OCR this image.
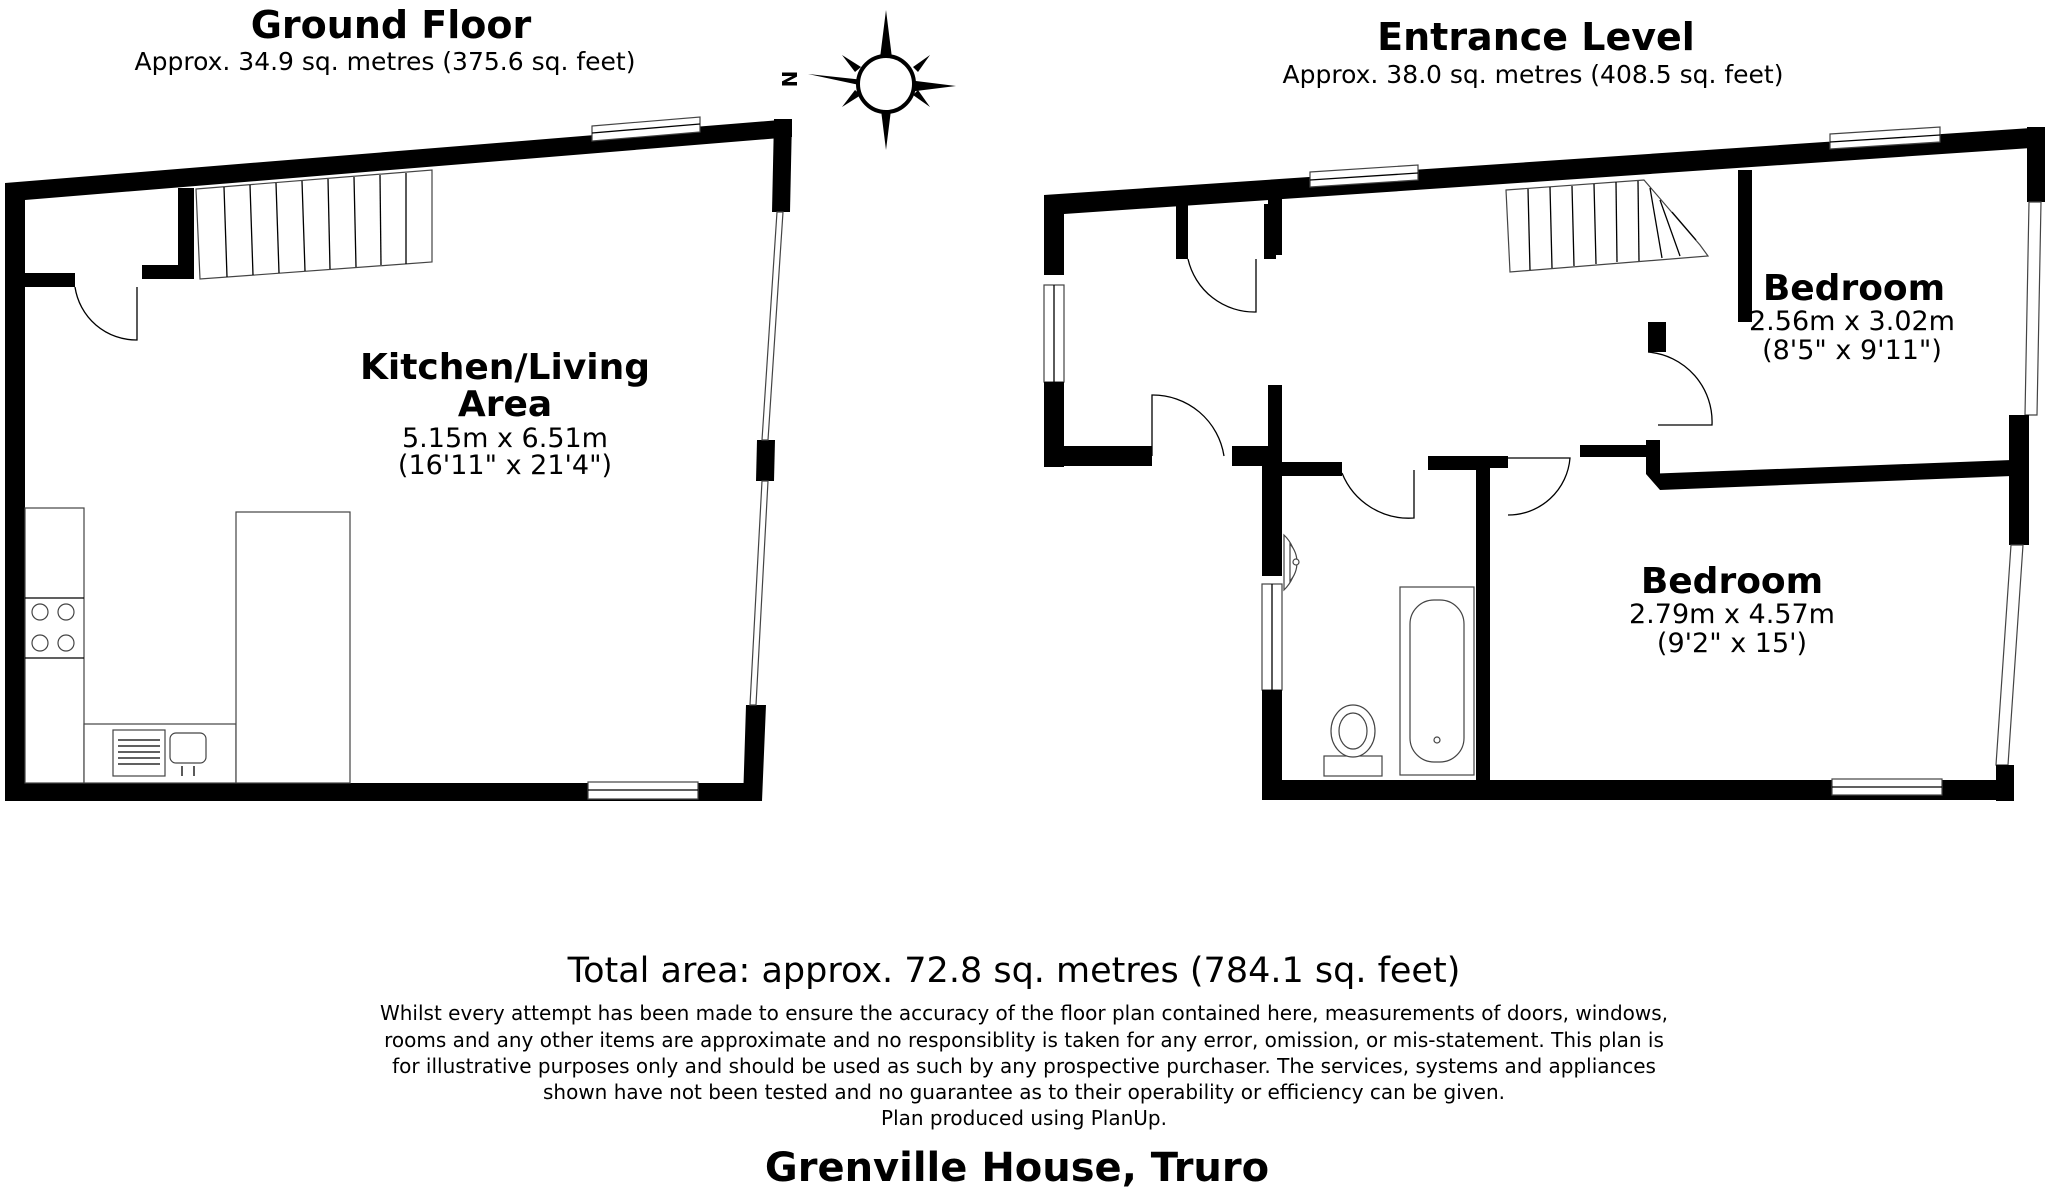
Ground Floor
Approx. 34.9 sq. metres (375.6 sq. feet)
Kitchen/Living
Area
5.15m x 6.51m
(16'11" x 21'4")
N
Entrance Level
Approx. 38.0 sq. metres (408.5 sq. feet)
Bedroom
2.56m x 3.02m
(8'5" x 9'11")
Bedroom
2.79m x 4.57m
(9'2" x 15')
Total area: approx. 72.8 sq. metres (784.1 sq. feet)
Whilst every attempt has been made to ensure the accuracy of the floor plan contained here, measurements of doors, windows,
rooms and any other items are approximate and no responsiblity is taken for any error, omission, or mis-statement. This plan is
for illustrative purposes only and should be used as such by any prospective purchaser. The services, systems and appliances
shown have not been tested and no guarantee as to their operability or efficiency can be given.
Plan produced using PlanUp.
Grenville House, Truro
